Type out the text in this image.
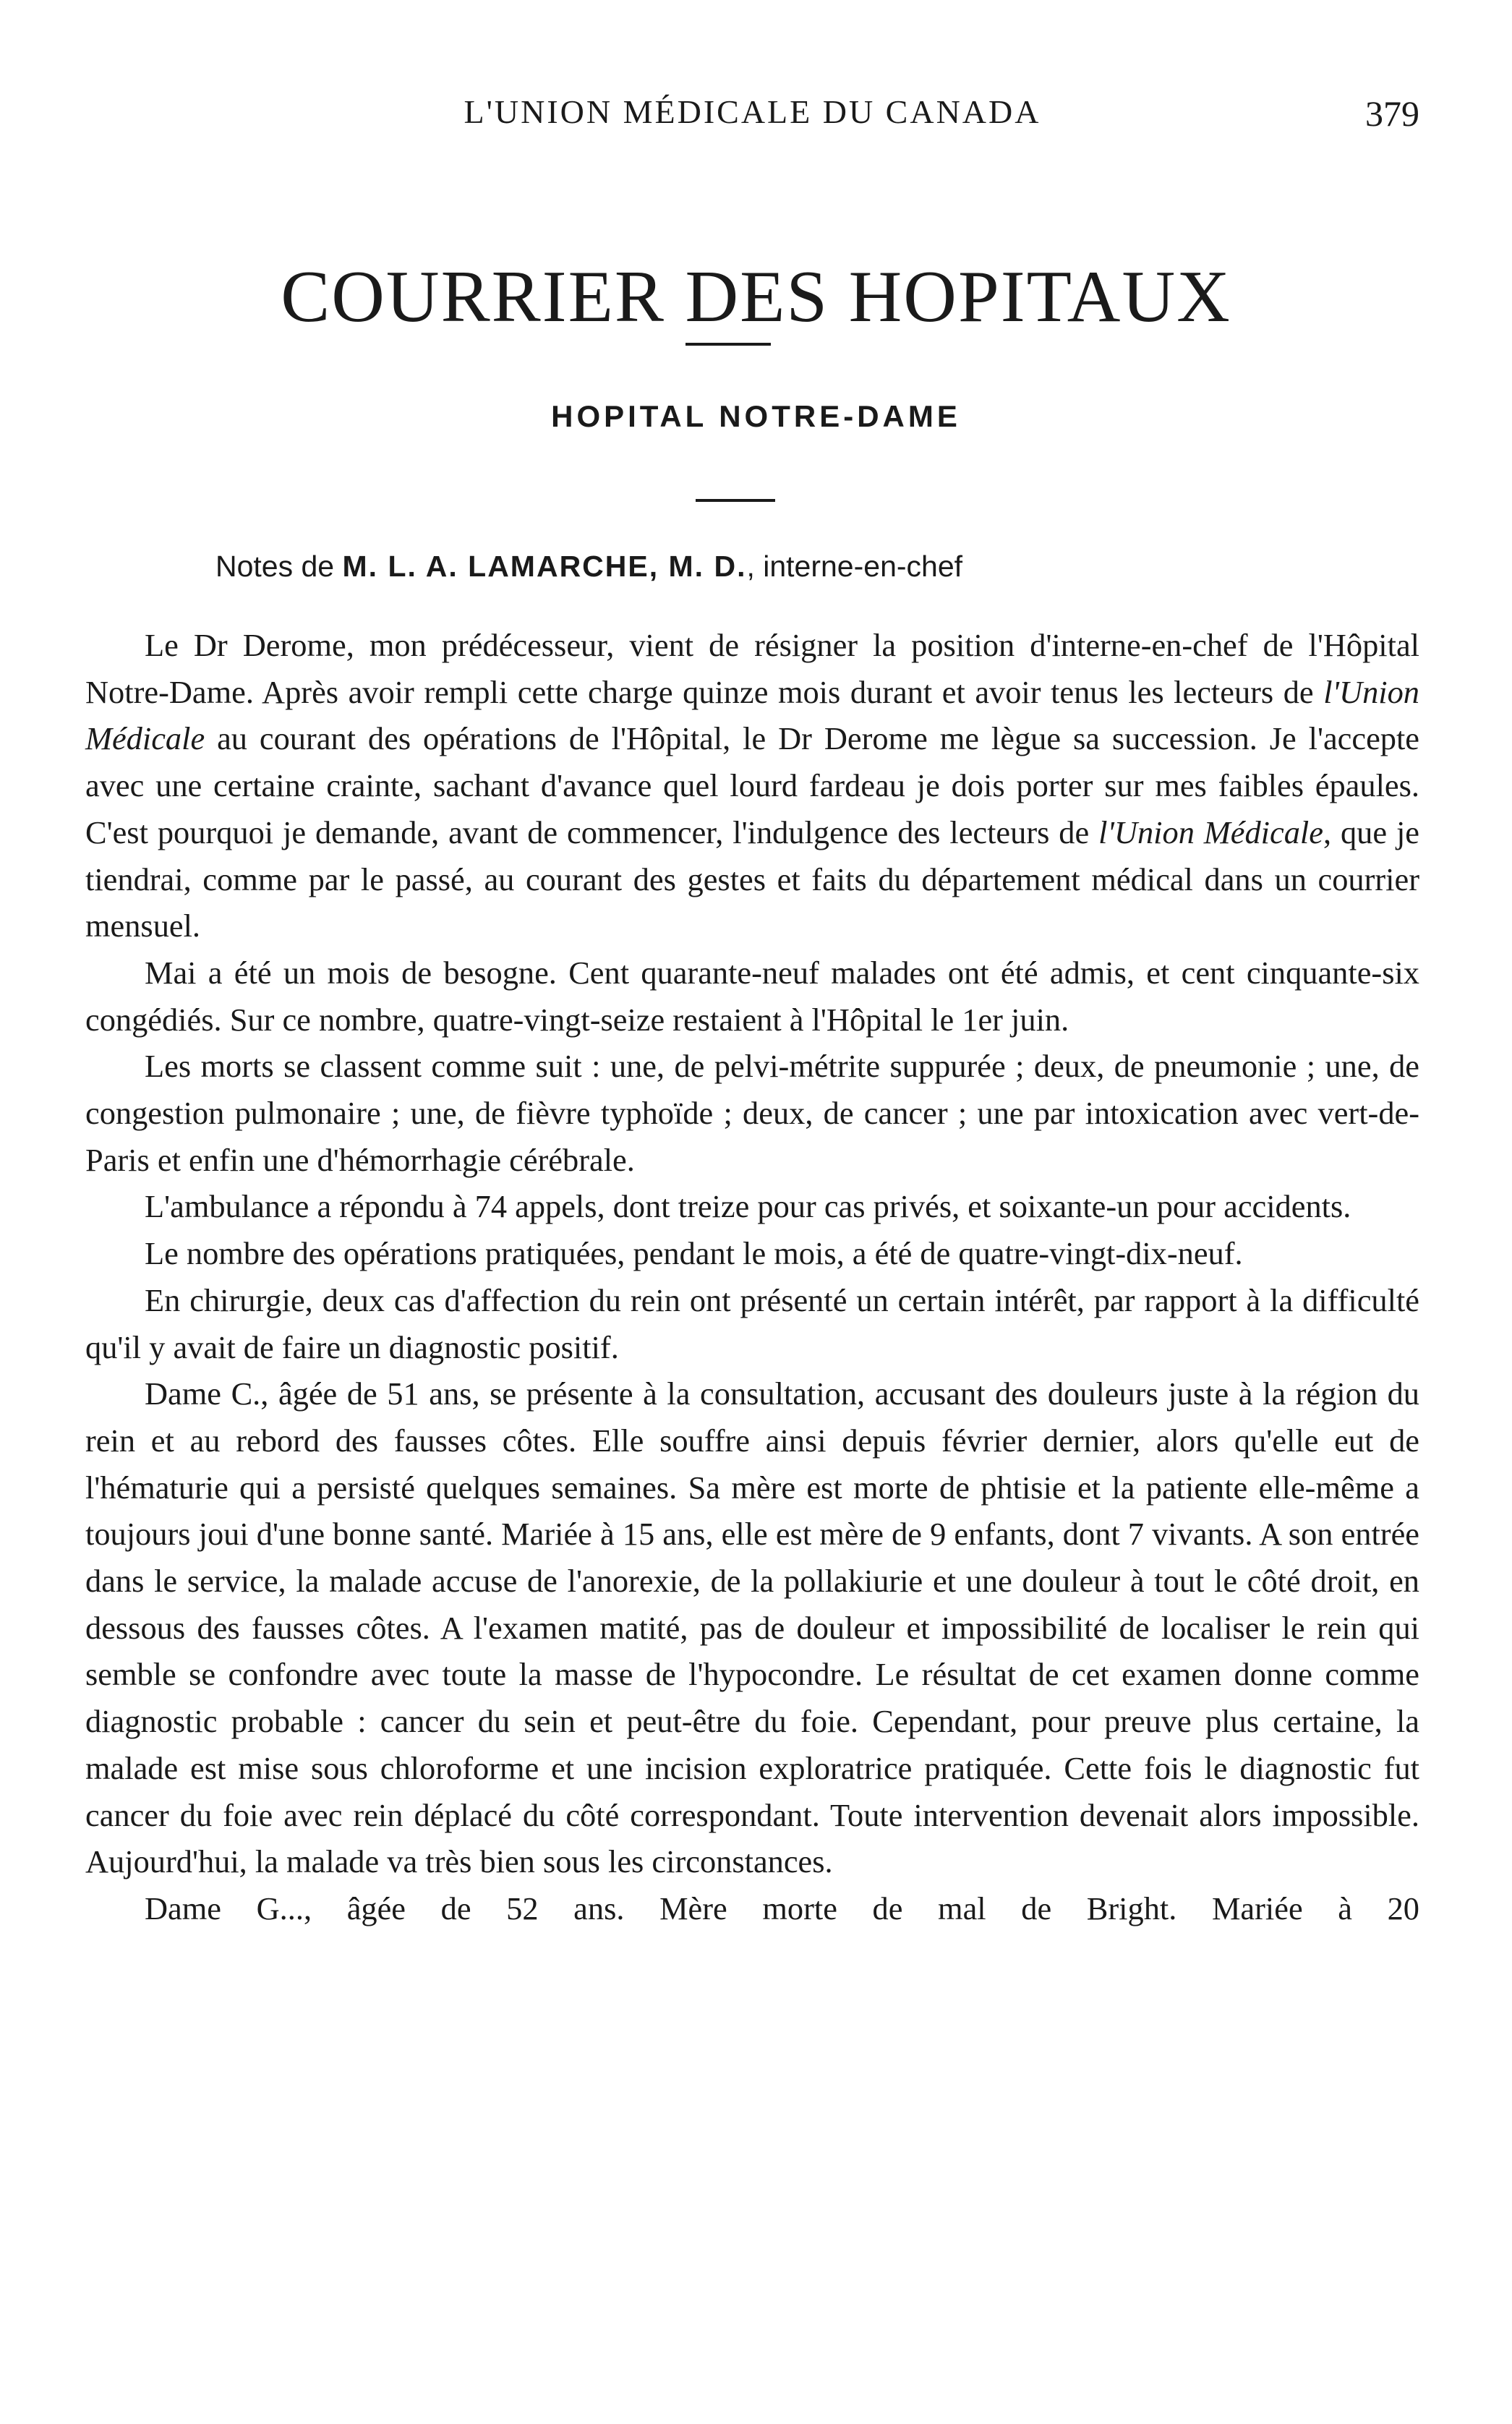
L'UNION MÉDICALE DU CANADA	379
COURRIER DES HOPITAUX
HOPITAL NOTRE-DAME
Notes de M. L. A. LAMARCHE, M. D., interne-en-chef

Le Dr Derome, mon prédécesseur, vient de résigner la position d'interne-en-chef de l'Hôpital Notre-Dame. Après avoir rempli cette charge quinze mois durant et avoir tenus les lecteurs de l'Union Médicale au courant des opérations de l'Hôpital, le Dr Derome me lègue sa succession. Je l'accepte avec une certaine crainte, sachant d'avance quel lourd fardeau je dois porter sur mes faibles épaules. C'est pourquoi je demande, avant de commencer, l'indulgence des lecteurs de l'Union Médicale, que je tiendrai, comme par le passé, au courant des gestes et faits du département médical dans un courrier mensuel.

Mai a été un mois de besogne. Cent quarante-neuf malades ont été admis, et cent cinquante-six congédiés. Sur ce nombre, quatre-vingt-seize restaient à l'Hôpital le 1er juin.

Les morts se classent comme suit : une, de pelvi-métrite suppurée ; deux, de pneumonie ; une, de congestion pulmonaire ; une, de fièvre typhoïde ; deux, de cancer ; une par intoxication avec vert-de-Paris et enfin une d'hémorrhagie cérébrale.

L'ambulance a répondu à 74 appels, dont treize pour cas privés, et soixante-un pour accidents.

Le nombre des opérations pratiquées, pendant le mois, a été de quatre-vingt-dix-neuf.

En chirurgie, deux cas d'affection du rein ont présenté un certain intérêt, par rapport à la difficulté qu'il y avait de faire un diagnostic positif.

Dame C., âgée de 51 ans, se présente à la consultation, accusant des douleurs juste à la région du rein et au rebord des fausses côtes. Elle souffre ainsi depuis février dernier, alors qu'elle eut de l'hématurie qui a persisté quelques semaines. Sa mère est morte de phtisie et la patiente elle-même a toujours joui d'une bonne santé. Mariée à 15 ans, elle est mère de 9 enfants, dont 7 vivants. A son entrée dans le service, la malade accuse de l'anorexie, de la pollakiurie et une douleur à tout le côté droit, en dessous des fausses côtes. A l'examen matité, pas de douleur et impossibilité de localiser le rein qui semble se confondre avec toute la masse de l'hypocondre. Le résultat de cet examen donne comme diagnostic probable : cancer du sein et peut-être du foie. Cependant, pour preuve plus certaine, la malade est mise sous chloroforme et une incision exploratrice pratiquée. Cette fois le diagnostic fut cancer du foie avec rein déplacé du côté correspondant. Toute intervention devenait alors impossible. Aujourd'hui, la malade va très bien sous les circonstances.

Dame G..., âgée de 52 ans. Mère morte de mal de Bright. Mariée à 20
